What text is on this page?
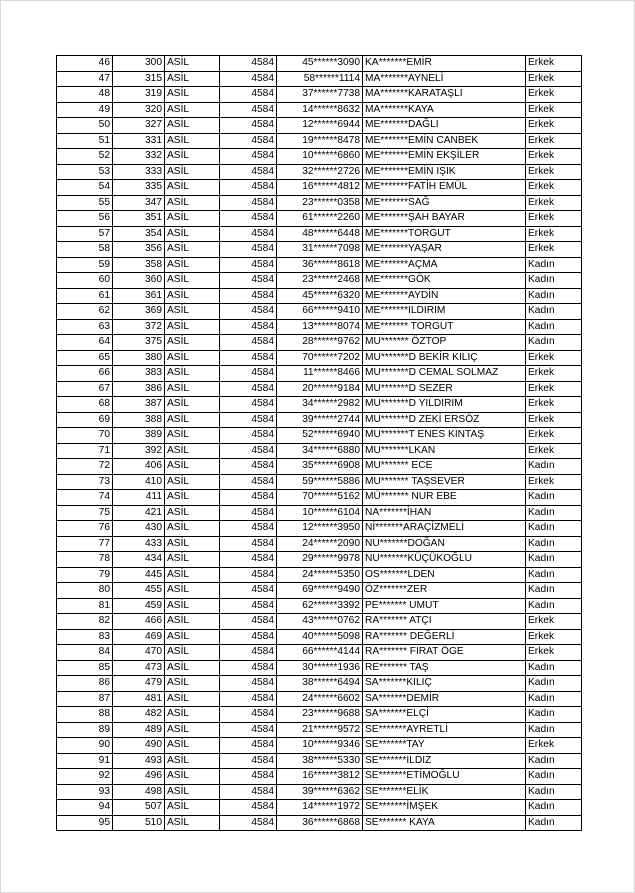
46	300	ASİL	4584	45******3090	KA*******EMİR	Erkek
47	315	ASİL	4584	58******1114	MA*******AYNELİ	Erkek
48	319	ASİL	4584	37******7738	MA*******KARATAŞLI	Erkek
49	320	ASİL	4584	14******8632	MA*******KAYA	Erkek
50	327	ASİL	4584	12******6944	ME*******DAĞLI	Erkek
51	331	ASİL	4584	19******8478	ME*******EMİN CANBEK	Erkek
52	332	ASİL	4584	10******6860	ME*******EMİN EKŞİLER	Erkek
53	333	ASİL	4584	32******2726	ME*******EMİN IŞIK	Erkek
54	335	ASİL	4584	16******4812	ME*******FATİH EMÜL	Erkek
55	347	ASİL	4584	23******0358	ME*******SAĞ	Erkek
56	351	ASİL	4584	61******2260	ME*******ŞAH BAYAR	Erkek
57	354	ASİL	4584	48******6448	ME*******TORGUT	Erkek
58	356	ASİL	4584	31******7098	ME*******YAŞAR	Erkek
59	358	ASİL	4584	36******8618	ME*******AÇMA	Kadın
60	360	ASİL	4584	23******2468	ME*******GÖK	Kadın
61	361	ASİL	4584	45******6320	ME*******AYDİN	Kadın
62	369	ASİL	4584	66******9410	ME*******ILDIRIM	Kadın
63	372	ASİL	4584	13******8074	ME******* TORGUT	Kadın
64	375	ASİL	4584	28******9762	MU******* ÖZTOP	Kadın
65	380	ASİL	4584	70******7202	MU*******D BEKİR KILIÇ	Erkek
66	383	ASİL	4584	11******8466	MU*******D CEMAL SOLMAZ	Erkek
67	386	ASİL	4584	20******9184	MU*******D SEZER	Erkek
68	387	ASİL	4584	34******2982	MU*******D YILDIRIM	Erkek
69	388	ASİL	4584	39******2744	MU*******D ZEKİ ERSÖZ	Erkek
70	389	ASİL	4584	52******6940	MU*******T ENES KINTAŞ	Erkek
71	392	ASİL	4584	34******6880	MU*******LKAN	Erkek
72	406	ASİL	4584	35******6908	MU******* ECE	Kadın
73	410	ASİL	4584	59******5886	MU******* TAŞSEVER	Erkek
74	411	ASİL	4584	70******5162	MÜ******* NUR EBE	Kadın
75	421	ASİL	4584	10******6104	NA*******İHAN	Kadın
76	430	ASİL	4584	12******3950	Nİ*******ARAÇİZMELİ	Kadın
77	433	ASİL	4584	24******2090	NU*******DOĞAN	Kadın
78	434	ASİL	4584	29******9978	NU*******KÜÇÜKOĞLU	Kadın
79	445	ASİL	4584	24******5350	OS*******LDEN	Kadın
80	455	ASİL	4584	69******9490	ÖZ*******ZER	Kadın
81	459	ASİL	4584	62******3392	PE******* UMUT	Kadın
82	466	ASİL	4584	43******0762	RA******* ATÇI	Erkek
83	469	ASİL	4584	40******5098	RA******* DEĞERLİ	Erkek
84	470	ASİL	4584	66******4144	RA******* FIRAT ÖGE	Erkek
85	473	ASİL	4584	30******1936	RE******* TAŞ	Kadın
86	479	ASİL	4584	38******6494	SA*******KILIÇ	Kadın
87	481	ASİL	4584	24******6602	SA*******DEMİR	Kadın
88	482	ASİL	4584	23******9688	SA*******ELÇİ	Kadın
89	489	ASİL	4584	21******9572	SE*******AYRETLİ	Kadın
90	490	ASİL	4584	10******9346	SE*******TAY	Erkek
91	493	ASİL	4584	38******5330	SE*******ILDIZ	Kadın
92	496	ASİL	4584	16******3812	SE*******ETİMOĞLU	Kadın
93	498	ASİL	4584	39******6362	SE*******ELİK	Kadın
94	507	ASİL	4584	14******1972	SE*******İMŞEK	Kadın
95	510	ASİL	4584	36******6868	SE******* KAYA	Kadın
